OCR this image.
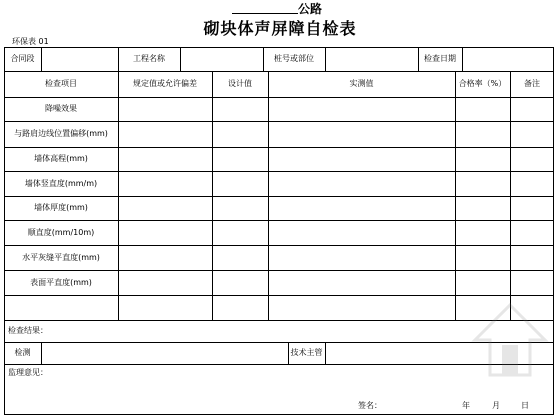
公路
砌块体声屏障自检表
环保表 01
合同段	工程名称	桩号或部位	检查日期
检查项目	规定值或允许偏差	设计值	实测值	合格率（%）	备注
降噪效果
与路肩边线位置偏移(mm)
墙体高程(mm)
墙体竖直度(mm/m)
墙体厚度(mm)
顺直度(mm/10m)
水平灰缝平直度(mm)
表面平直度(mm)
检查结果：
检测	技术主管
监理意见：
签名：	年	月	日
